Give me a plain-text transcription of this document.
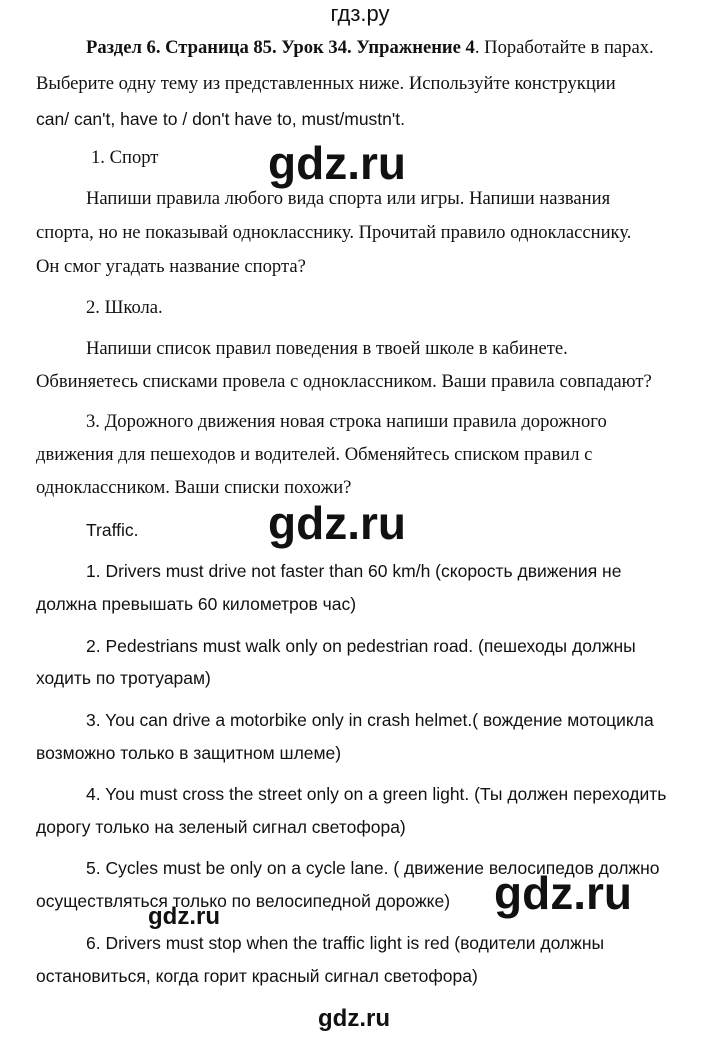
гдз.ру
Раздел 6. Страница 85. Урок 34. Упражнение 4. Поработайте в парах.
Выберите одну тему из представленных ниже. Используйте конструкции
can/ can't, have to / don't have to, must/mustn't.
1. Спорт
Напиши правила любого вида спорта или игры. Напиши названия
спорта, но не показывай однокласснику. Прочитай правило однокласснику.
Он смог угадать название спорта?
2. Школа.
Напиши список правил поведения в твоей школе в кабинете.
Обвиняетесь списками провела с одноклассником. Ваши правила совпадают?
3. Дорожного движения новая строка напиши правила дорожного
движения для пешеходов и водителей. Обменяйтесь списком правил с
одноклассником. Ваши списки похожи?
Traffic.
1. Drivers must drive not faster than 60 km/h (скорость движения не
должна превышать 60 километров час)
2. Pedestrians must walk only on pedestrian road. (пешеходы должны
ходить по тротуарам)
3. You can drive a motorbike only in crash helmet.( вождение мотоцикла
возможно только в защитном шлеме)
4. You must cross the street only on a green light. (Ты должен переходить
дорогу только на зеленый сигнал светофора)
5. Cycles must be only on a cycle lane. ( движение велосипедов должно
осуществляться только по велосипедной дорожке)
6. Drivers must stop when the traffic light is red (водители должны
остановиться, когда горит красный сигнал светофора)
gdz.ru
gdz.ru
gdz.ru
gdz.ru
gdz.ru
